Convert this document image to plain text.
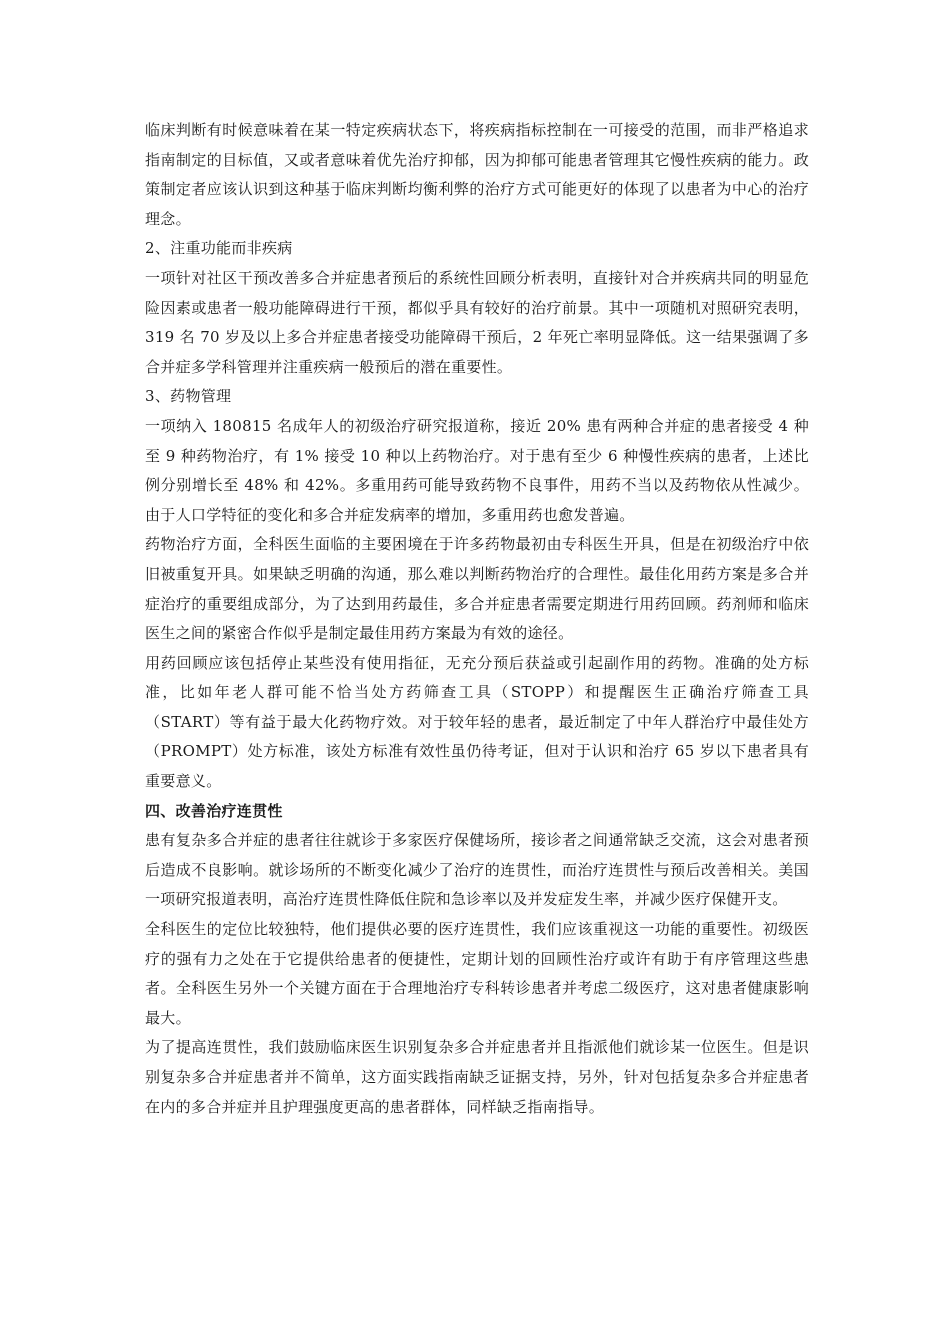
临床判断有时候意味着在某一特定疾病状态下，将疾病指标控制在一可接受的范围，而非严格追求指南制定的目标值，又或者意味着优先治疗抑郁，因为抑郁可能患者管理其它慢性疾病的能力。政策制定者应该认识到这种基于临床判断均衡利弊的治疗方式可能更好的体现了以患者为中心的治疗理念。

2、注重功能而非疾病

一项针对社区干预改善多合并症患者预后的系统性回顾分析表明，直接针对合并疾病共同的明显危险因素或患者一般功能障碍进行干预，都似乎具有较好的治疗前景。其中一项随机对照研究表明，319 名 70 岁及以上多合并症患者接受功能障碍干预后，2 年死亡率明显降低。这一结果强调了多合并症多学科管理并注重疾病一般预后的潜在重要性。

3、药物管理

一项纳入 180815 名成年人的初级治疗研究报道称，接近 20% 患有两种合并症的患者接受 4 种至 9 种药物治疗，有 1% 接受 10 种以上药物治疗。对于患有至少 6 种慢性疾病的患者，上述比例分别增长至 48% 和 42%。多重用药可能导致药物不良事件，用药不当以及药物依从性减少。由于人口学特征的变化和多合并症发病率的增加，多重用药也愈发普遍。

药物治疗方面，全科医生面临的主要困境在于许多药物最初由专科医生开具，但是在初级治疗中依旧被重复开具。如果缺乏明确的沟通，那么难以判断药物治疗的合理性。最佳化用药方案是多合并症治疗的重要组成部分，为了达到用药最佳，多合并症患者需要定期进行用药回顾。药剂师和临床医生之间的紧密合作似乎是制定最佳用药方案最为有效的途径。

用药回顾应该包括停止某些没有使用指征，无充分预后获益或引起副作用的药物。准确的处方标准，比如年老人群可能不恰当处方药筛查工具（STOPP）和提醒医生正确治疗筛查工具（START）等有益于最大化药物疗效。对于较年轻的患者，最近制定了中年人群治疗中最佳处方（PROMPT）处方标准，该处方标准有效性虽仍待考证，但对于认识和治疗 65 岁以下患者具有重要意义。

四、改善治疗连贯性

患有复杂多合并症的患者往往就诊于多家医疗保健场所，接诊者之间通常缺乏交流，这会对患者预后造成不良影响。就诊场所的不断变化减少了治疗的连贯性，而治疗连贯性与预后改善相关。美国一项研究报道表明，高治疗连贯性降低住院和急诊率以及并发症发生率，并减少医疗保健开支。

全科医生的定位比较独特，他们提供必要的医疗连贯性，我们应该重视这一功能的重要性。初级医疗的强有力之处在于它提供给患者的便捷性，定期计划的回顾性治疗或许有助于有序管理这些患者。全科医生另外一个关键方面在于合理地治疗专科转诊患者并考虑二级医疗，这对患者健康影响最大。

为了提高连贯性，我们鼓励临床医生识别复杂多合并症患者并且指派他们就诊某一位医生。但是识别复杂多合并症患者并不简单，这方面实践指南缺乏证据支持，另外，针对包括复杂多合并症患者在内的多合并症并且护理强度更高的患者群体，同样缺乏指南指导。
